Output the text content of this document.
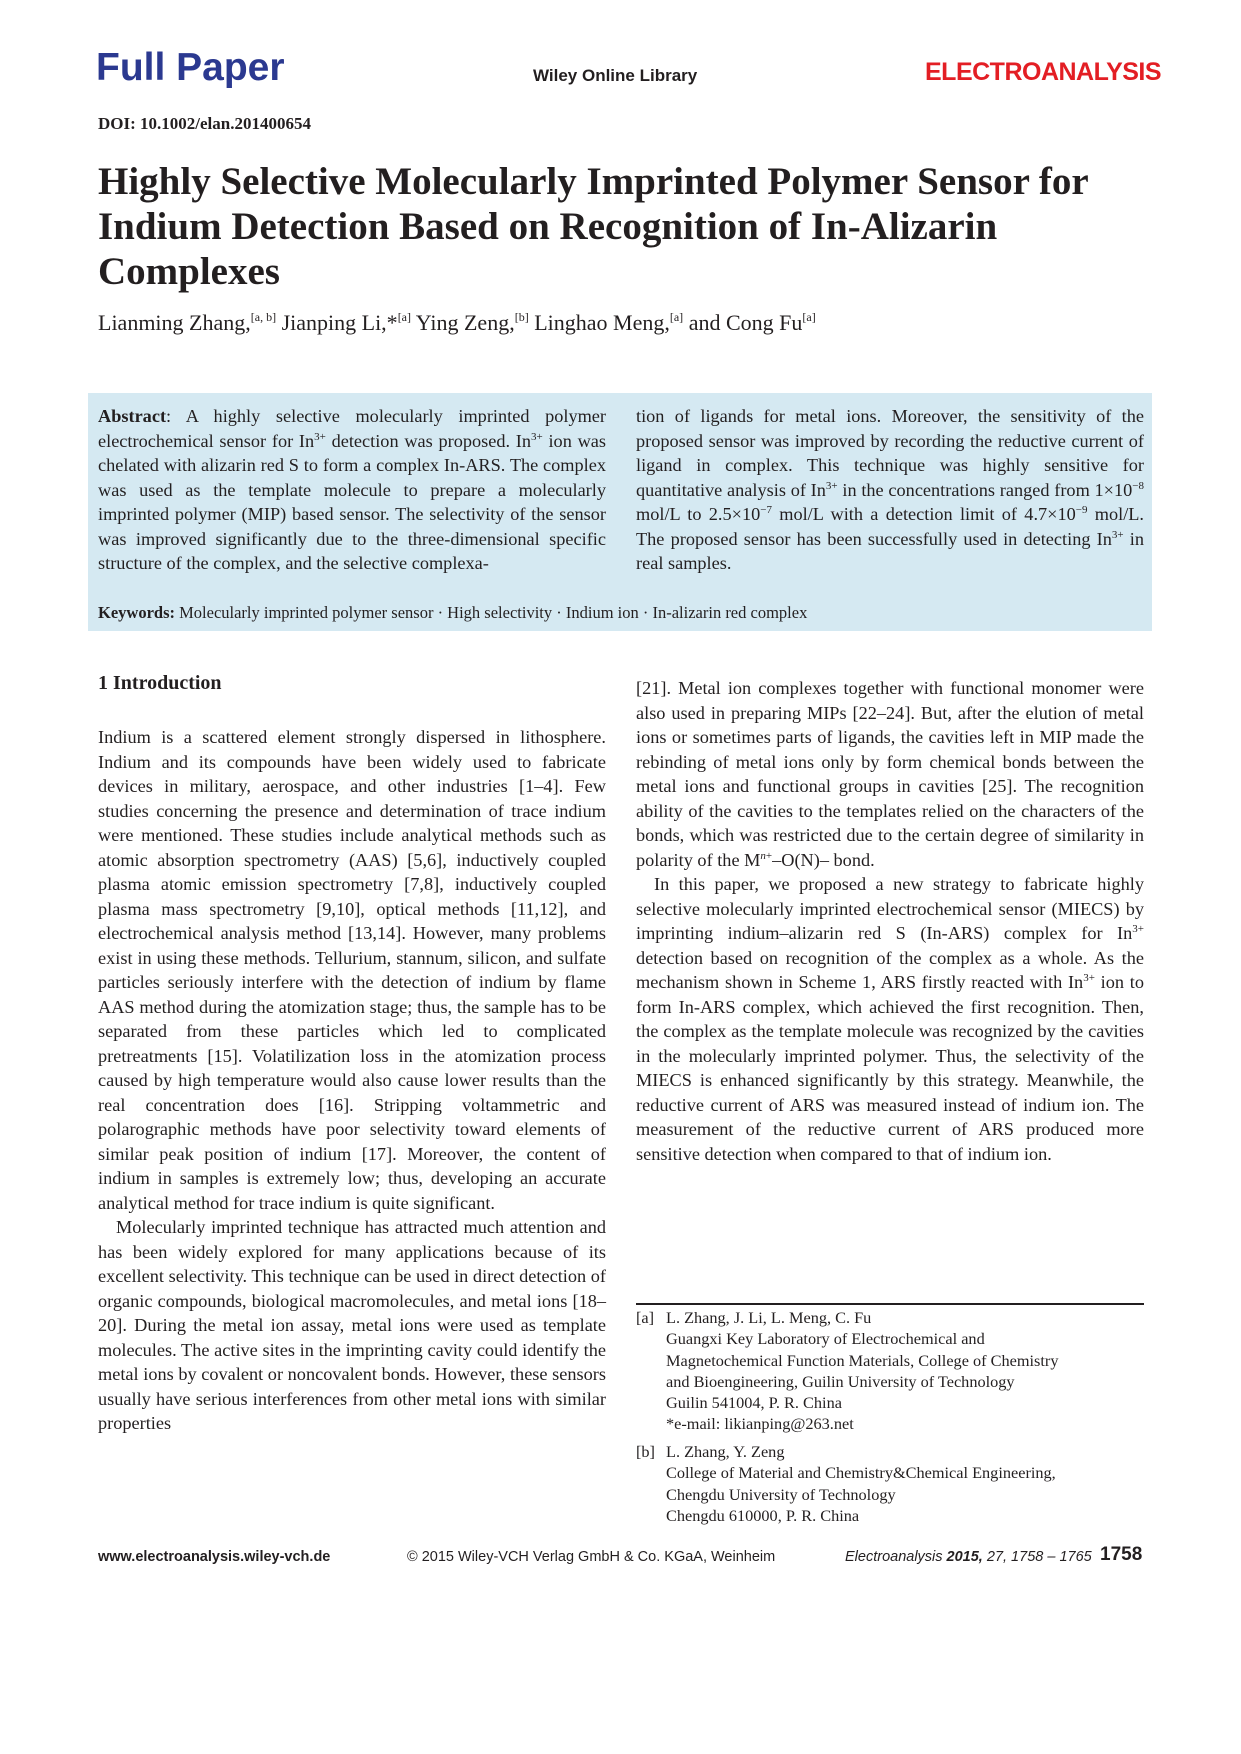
Full Paper	Wiley Online Library	ELECTROANALYSIS
DOI: 10.1002/elan.201400654
Highly Selective Molecularly Imprinted Polymer Sensor for Indium Detection Based on Recognition of In-Alizarin Complexes
Lianming Zhang,[a, b] Jianping Li,*[a] Ying Zeng,[b] Linghao Meng,[a] and Cong Fu[a]
Abstract: A highly selective molecularly imprinted polymer electrochemical sensor for $In^{3+}$ detection was proposed. $In^{3+}$ ion was chelated with alizarin red S to form a complex In-ARS. The complex was used as the template molecule to prepare a molecularly imprinted polymer (MIP) based sensor. The selectivity of the sensor was improved significantly due to the three-dimensional specific structure of the complex, and the selective complexa-
tion of ligands for metal ions. Moreover, the sensitivity of the proposed sensor was improved by recording the reductive current of ligand in complex. This technique was highly sensitive for quantitative analysis of $In^{3+}$ in the concentrations ranged from $1\times 10^{-8}$ mol/L to $2.5\times 10^{-7}$ mol/L with a detection limit of $4.7\times 10^{-9}$ mol/L. The proposed sensor has been successfully used in detecting $In^{3+}$ in real samples.
Keywords: Molecularly imprinted polymer sensor · High selectivity · Indium ion · In-alizarin red complex
1 Introduction

Indium is a scattered element strongly dispersed in lithosphere. Indium and its compounds have been widely used to fabricate devices in military, aerospace, and other industries [1–4]. Few studies concerning the presence and determination of trace indium were mentioned. These studies include analytical methods such as atomic absorption spectrometry (AAS) [5,6], inductively coupled plasma atomic emission spectrometry [7,8], inductively coupled plasma mass spectrometry [9,10], optical methods [11,12], and electrochemical analysis method [13,14]. However, many problems exist in using these methods. Tellurium, stannum, silicon, and sulfate particles seriously interfere with the detection of indium by flame AAS method during the atomization stage; thus, the sample has to be separated from these particles which led to complicated pretreatments [15]. Volatilization loss in the atomization process caused by high temperature would also cause lower results than the real concentration does [16]. Stripping voltammetric and polarographic methods have poor selectivity toward elements of similar peak position of indium [17]. Moreover, the content of indium in samples is extremely low; thus, developing an accurate analytical method for trace indium is quite significant.

Molecularly imprinted technique has attracted much attention and has been widely explored for many applications because of its excellent selectivity. This technique can be used in direct detection of organic compounds, biological macromolecules, and metal ions [18–20]. During the metal ion assay, metal ions were used as template molecules. The active sites in the imprinting cavity could identify the metal ions by covalent or noncovalent bonds. However, these sensors usually have serious interferences from other metal ions with similar properties

[21]. Metal ion complexes together with functional monomer were also used in preparing MIPs [22–24]. But, after the elution of metal ions or sometimes parts of ligands, the cavities left in MIP made the rebinding of metal ions only by form chemical bonds between the metal ions and functional groups in cavities [25]. The recognition ability of the cavities to the templates relied on the characters of the bonds, which was restricted due to the certain degree of similarity in polarity of the $M^{n+}-O(N)-$ bond.

In this paper, we proposed a new strategy to fabricate highly selective molecularly imprinted electrochemical sensor (MIECS) by imprinting indium–alizarin red S (In-ARS) complex for $In^{3+}$ detection based on recognition of the complex as a whole. As the mechanism shown in Scheme 1, ARS firstly reacted with $In^{3+}$ ion to form In-ARS complex, which achieved the first recognition. Then, the complex as the template molecule was recognized by the cavities in the molecularly imprinted polymer. Thus, the selectivity of the MIECS is enhanced significantly by this strategy. Meanwhile, the reductive current of ARS was measured instead of indium ion. The measurement of the reductive current of ARS produced more sensitive detection when compared to that of indium ion.

[a] L. Zhang, J. Li, L. Meng, C. Fu
Guangxi Key Laboratory of Electrochemical and
Magnetochemical Function Materials, College of Chemistry
and Bioengineering, Guilin University of Technology
Guilin 541004, P. R. China
*e-mail: likianping@263.net
[b] L. Zhang, Y. Zeng
College of Material and Chemistry&Chemical Engineering,
Chengdu University of Technology
Chengdu 610000, P. R. China
www.electroanalysis.wiley-vch.de	© 2015 Wiley-VCH Verlag GmbH & Co. KGaA, Weinheim	Electroanalysis 2015, 27, 1758 – 1765 1758
